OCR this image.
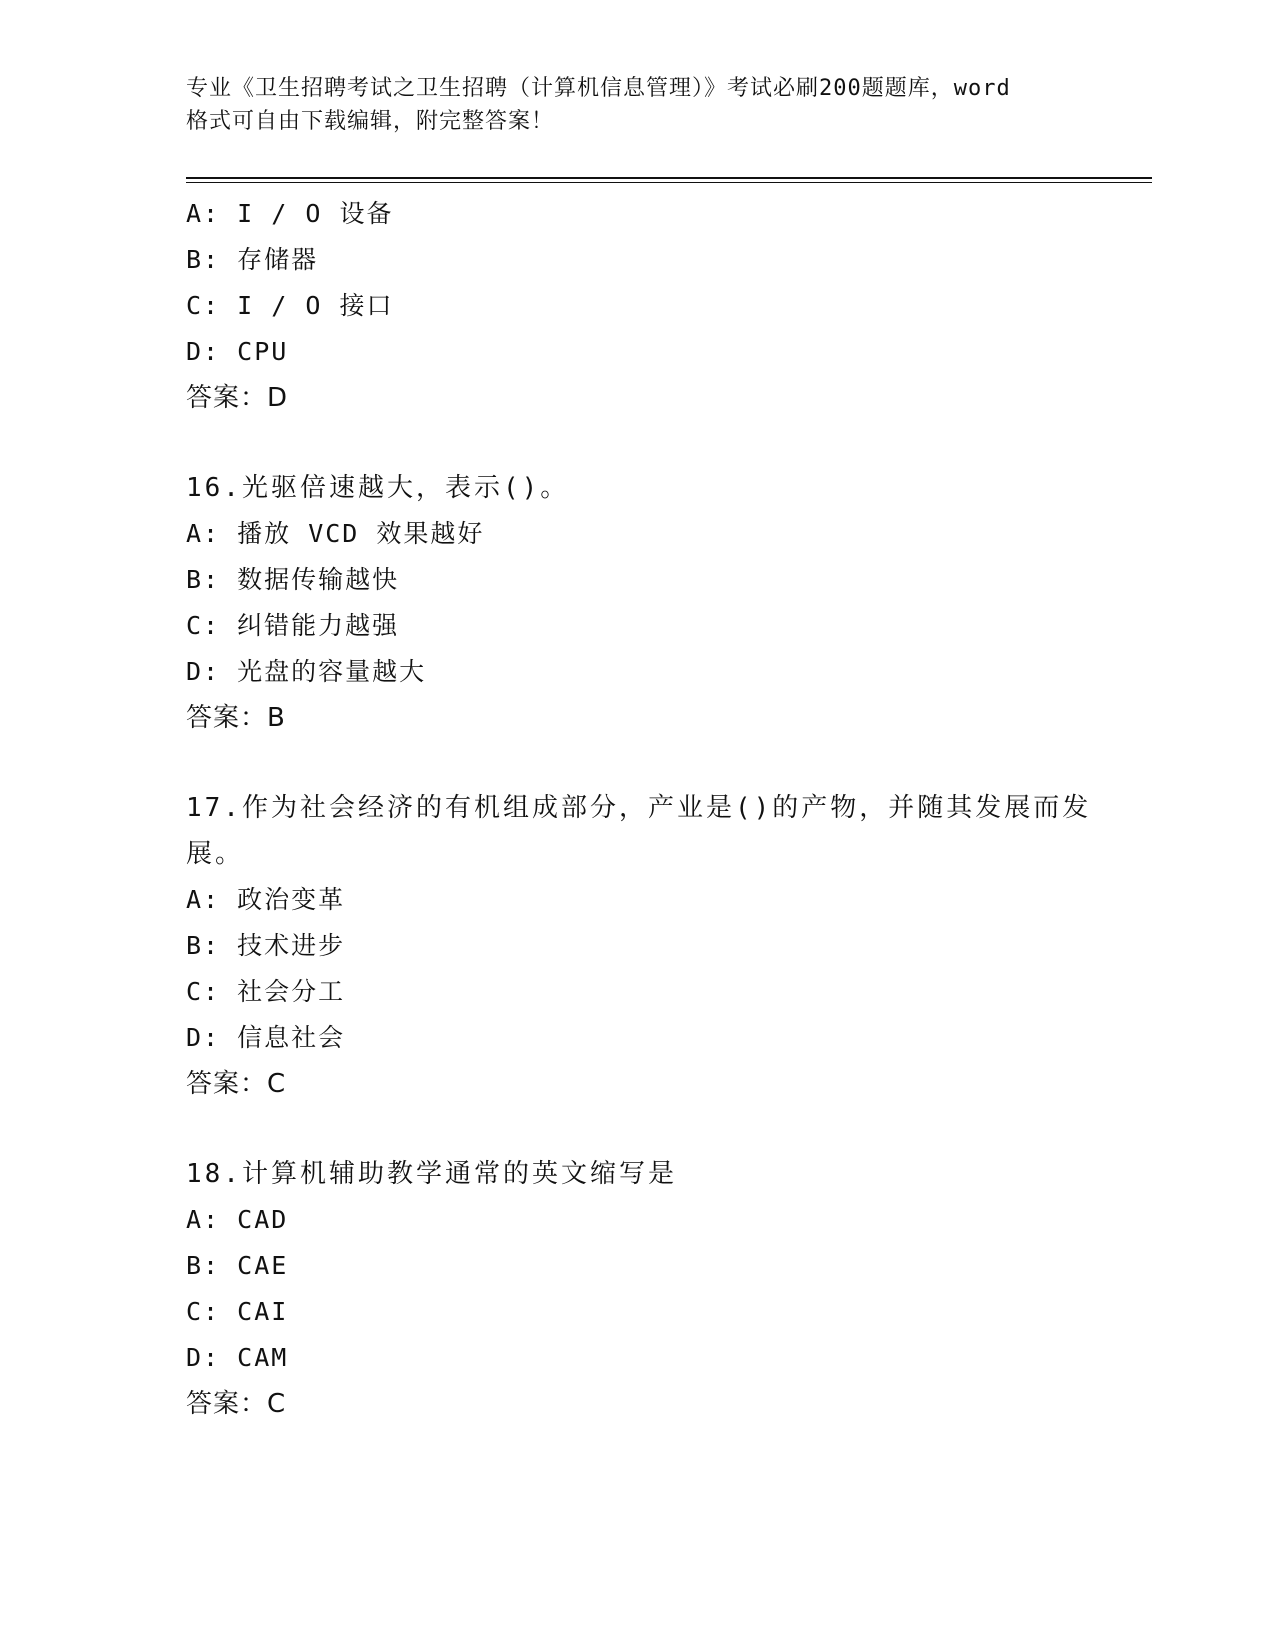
专业《卫生招聘考试之卫生招聘（计算机信息管理）》考试必刷200题题库，word
格式可自由下载编辑，附完整答案！
A: I / O 设备
B: 存储器
C: I / O 接口
D: CPU
答案：D
16.光驱倍速越大，表示()。
A: 播放 VCD 效果越好
B: 数据传输越快
C: 纠错能力越强
D: 光盘的容量越大
答案：B
17.作为社会经济的有机组成部分，产业是()的产物，并随其发展而发
展。
A: 政治变革
B: 技术进步
C: 社会分工
D: 信息社会
答案：C
18.计算机辅助教学通常的英文缩写是
A: CAD
B: CAE
C: CAI
D: CAM
答案：C
